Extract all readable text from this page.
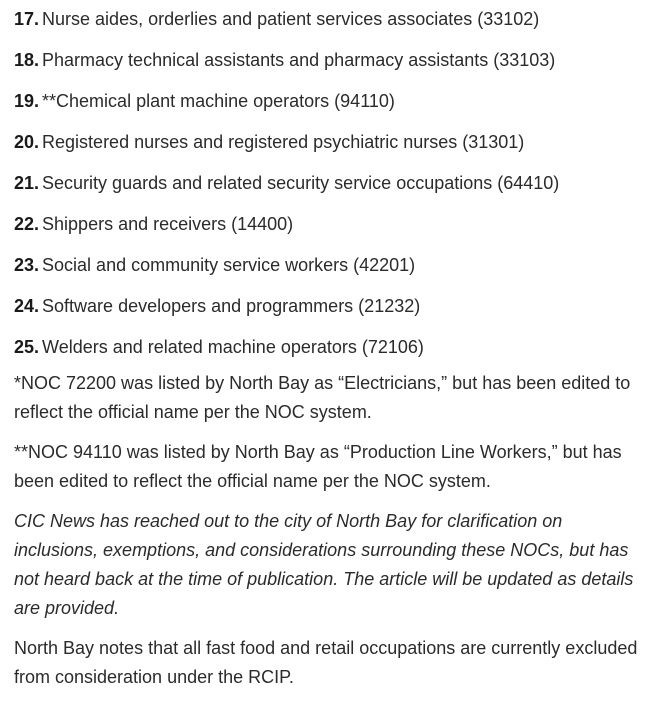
17. Nurse aides, orderlies and patient services associates (33102)
18. Pharmacy technical assistants and pharmacy assistants (33103)
19. **Chemical plant machine operators (94110)
20. Registered nurses and registered psychiatric nurses (31301)
21. Security guards and related security service occupations (64410)
22. Shippers and receivers (14400)
23. Social and community service workers (42201)
24. Software developers and programmers (21232)
25. Welders and related machine operators (72106)

*NOC 72200 was listed by North Bay as “Electricians,” but has been edited to reflect the official name per the NOC system.

**NOC 94110 was listed by North Bay as “Production Line Workers,” but has been edited to reflect the official name per the NOC system.

CIC News has reached out to the city of North Bay for clarification on inclusions, exemptions, and considerations surrounding these NOCs, but has not heard back at the time of publication. The article will be updated as details are provided.

North Bay notes that all fast food and retail occupations are currently excluded from consideration under the RCIP.
